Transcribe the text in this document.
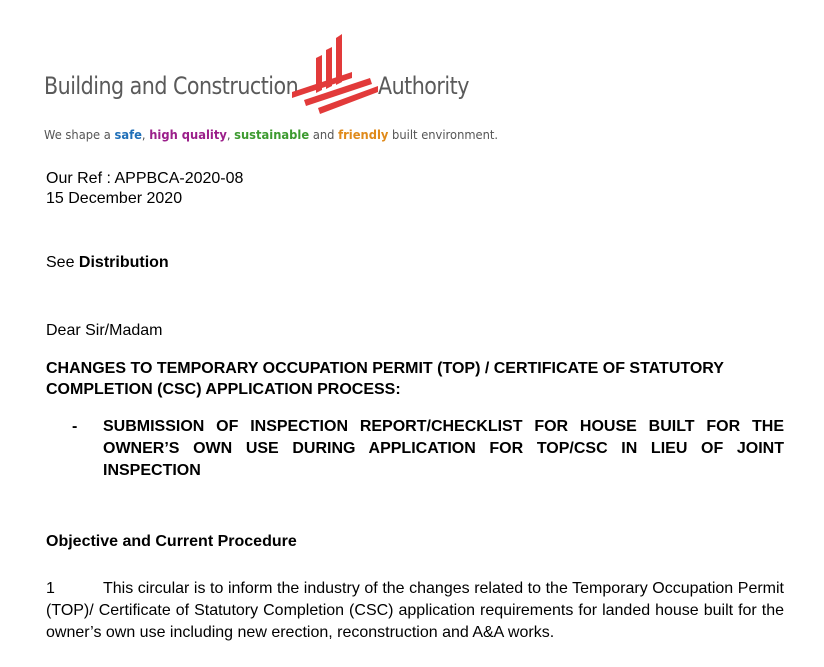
Building and Construction	Authority
We shape a safe, high quality, sustainable and friendly built environment.
Our Ref : APPBCA-2020-08
15 December 2020
See Distribution
Dear Sir/Madam
CHANGES TO TEMPORARY OCCUPATION PERMIT (TOP) / CERTIFICATE OF STATUTORY COMPLETION (CSC) APPLICATION PROCESS:
- SUBMISSION OF INSPECTION REPORT/CHECKLIST FOR HOUSE BUILT FOR THE OWNER’S OWN USE DURING APPLICATION FOR TOP/CSC IN LIEU OF JOINT INSPECTION
Objective and Current Procedure
1	This circular is to inform the industry of the changes related to the Temporary Occupation Permit (TOP)/ Certificate of Statutory Completion (CSC) application requirements for landed house built for the owner’s own use including new erection, reconstruction and A&A works.
